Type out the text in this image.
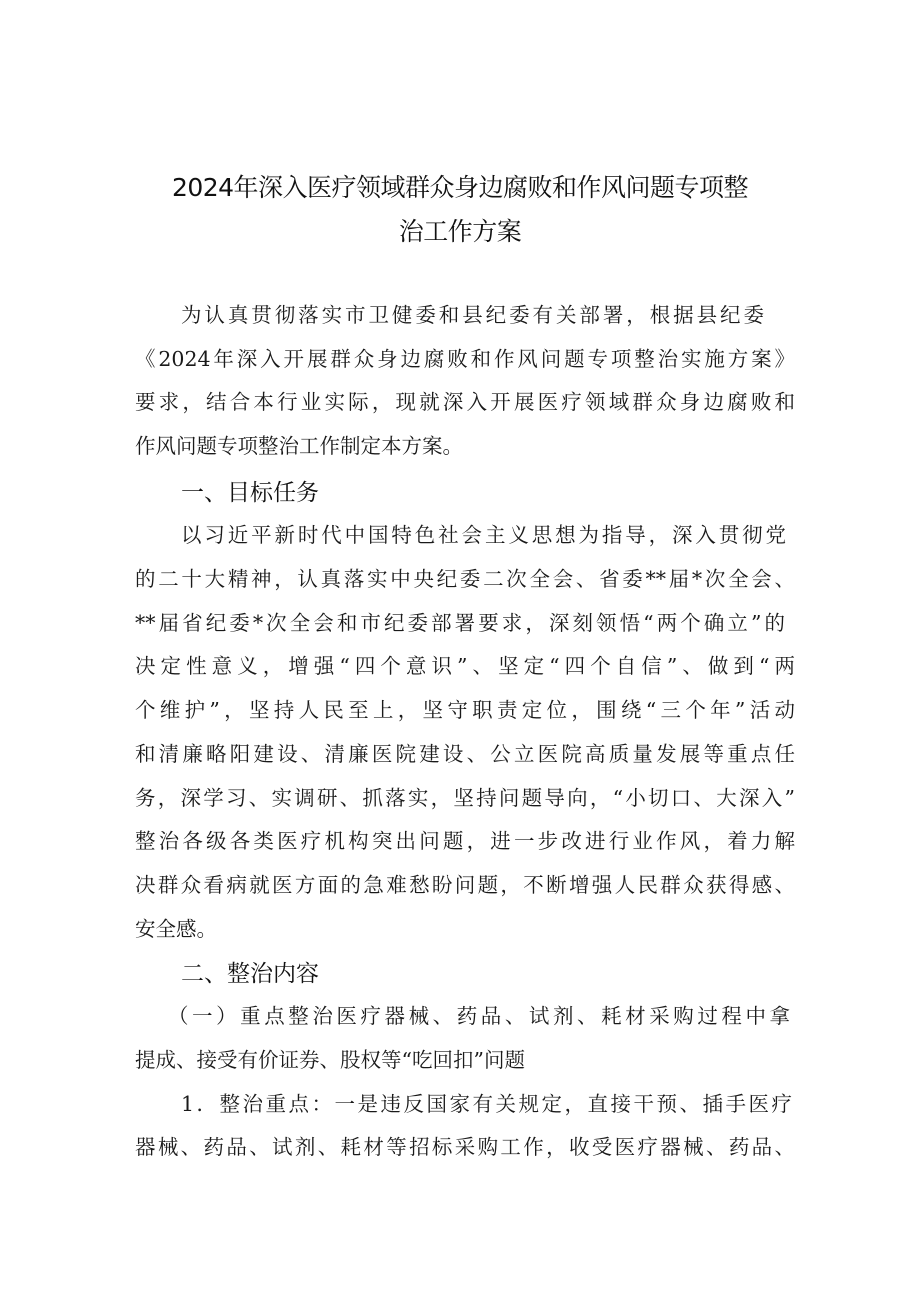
2024年深入医疗领域群众身边腐败和作风问题专项整
治工作方案
为认真贯彻落实市卫健委和县纪委有关部署，根据县纪委
《2024年深入开展群众身边腐败和作风问题专项整治实施方案》
要求，结合本行业实际，现就深入开展医疗领域群众身边腐败和
作风问题专项整治工作制定本方案。
一、目标任务
以习近平新时代中国特色社会主义思想为指导，深入贯彻党
的二十大精神，认真落实中央纪委二次全会、省委**届*次全会、
**届省纪委*次全会和市纪委部署要求，深刻领悟“两个确立”的
决定性意义，增强“四个意识”、坚定“四个自信”、做到“两
个维护”，坚持人民至上，坚守职责定位，围绕“三个年”活动
和清廉略阳建设、清廉医院建设、公立医院高质量发展等重点任
务，深学习、实调研、抓落实，坚持问题导向，“小切口、大深入”
整治各级各类医疗机构突出问题，进一步改进行业作风，着力解
决群众看病就医方面的急难愁盼问题，不断增强人民群众获得感、
安全感。
二、整治内容
（一）重点整治医疗器械、药品、试剂、耗材采购过程中拿
提成、接受有价证券、股权等“吃回扣”问题
1．整治重点：一是违反国家有关规定，直接干预、插手医疗
器械、药品、试剂、耗材等招标采购工作，收受医疗器械、药品、
